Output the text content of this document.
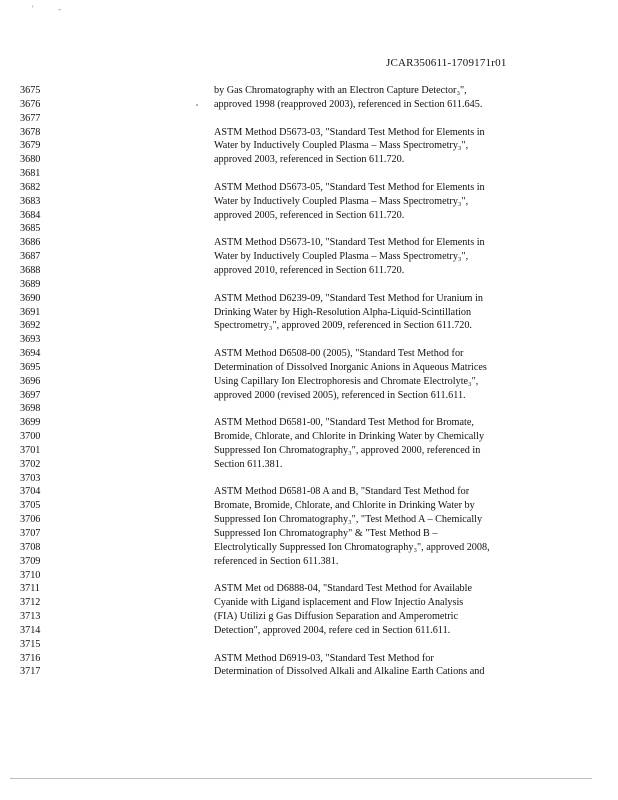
'	-
JCAR350611-1709171r01
3675	by Gas Chromatography with an Electron Capture Detector₃",
3676	approved 1998 (reapproved 2003), referenced in Section 611.645.
3677
3678	ASTM Method D5673-03, "Standard Test Method for Elements in
3679	Water by Inductively Coupled Plasma – Mass Spectrometry₃",
3680	approved 2003, referenced in Section 611.720.
3681
3682	ASTM Method D5673-05, "Standard Test Method for Elements in
3683	Water by Inductively Coupled Plasma – Mass Spectrometry₃",
3684	approved 2005, referenced in Section 611.720.
3685
3686	ASTM Method D5673-10, "Standard Test Method for Elements in
3687	Water by Inductively Coupled Plasma – Mass Spectrometry₃",
3688	approved 2010, referenced in Section 611.720.
3689
3690	ASTM Method D6239-09, "Standard Test Method for Uranium in
3691	Drinking Water by High-Resolution Alpha-Liquid-Scintillation
3692	Spectrometry₃", approved 2009, referenced in Section 611.720.
3693
3694	ASTM Method D6508-00 (2005), "Standard Test Method for
3695	Determination of Dissolved Inorganic Anions in Aqueous Matrices
3696	Using Capillary Ion Electrophoresis and Chromate Electrolyte₃",
3697	approved 2000 (revised 2005), referenced in Section 611.611.
3698
3699	ASTM Method D6581-00, "Standard Test Method for Bromate,
3700	Bromide, Chlorate, and Chlorite in Drinking Water by Chemically
3701	Suppressed Ion Chromatography₃", approved 2000, referenced in
3702	Section 611.381.
3703
3704	ASTM Method D6581-08 A and B, "Standard Test Method for
3705	Bromate, Bromide, Chlorate, and Chlorite in Drinking Water by
3706	Suppressed Ion Chromatography₃", "Test Method A – Chemically
3707	Suppressed Ion Chromatography" & "Test Method B –
3708	Electrolytically Suppressed Ion Chromatography₃", approved 2008,
3709	referenced in Section 611.381.
3710
3711	ASTM Met od D6888-04, "Standard Test Method for Available
3712	Cyanide with Ligand isplacement and Flow Injectio Analysis
3713	(FIA) Utilizi g Gas Diffusion Separation and Amperometric
3714	Detection", approved 2004, refere ced in Section 611.611.
3715
3716	ASTM Method D6919-03, "Standard Test Method for
3717	Determination of Dissolved Alkali and Alkaline Earth Cations and
